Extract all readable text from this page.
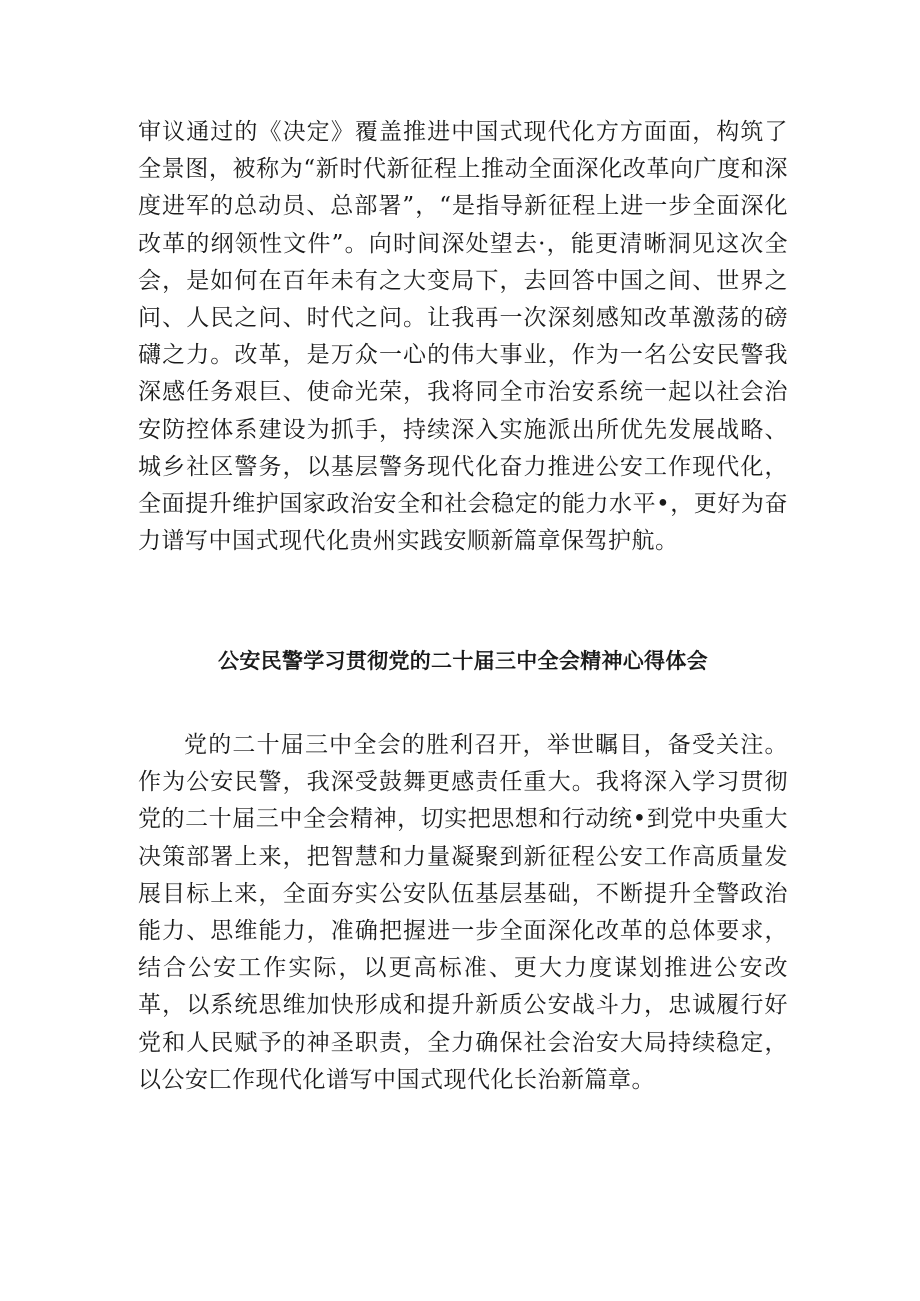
审议通过的《决定》覆盖推进中国式现代化方方面面，构筑了全景图，被称为“新时代新征程上推动全面深化改革向广度和深度进军的总动员、总部署”，“是指导新征程上进一步全面深化改革的纲领性文件”。向时间深处望去·，能更清晰洞见这次全会，是如何在百年未有之大变局下，去回答中国之间、世界之问、人民之问、时代之问。让我再一次深刻感知改革激荡的磅礴之力。改革，是万众一心的伟大事业，作为一名公安民警我深感任务艰巨、使命光荣，我将同全市治安系统一起以社会治安防控体系建设为抓手，持续深入实施派出所优先发展战略、城乡社区警务，以基层警务现代化奋力推进公安工作现代化，全面提升维护国家政治安全和社会稳定的能力水平•，更好为奋力谱写中国式现代化贵州实践安顺新篇章保驾护航。

公安民警学习贯彻党的二十届三中全会精神心得体会

党的二十届三中全会的胜利召开，举世瞩目，备受关注。作为公安民警，我深受鼓舞更感责任重大。我将深入学习贯彻党的二十届三中全会精神，切实把思想和行动统•到党中央重大决策部署上来，把智慧和力量凝聚到新征程公安工作高质量发展目标上来，全面夯实公安队伍基层基础，不断提升全警政治能力、思维能力，准确把握进一步全面深化改革的总体要求，结合公安工作实际，以更高标准、更大力度谋划推进公安改革，以系统思维加快形成和提升新质公安战斗力，忠诚履行好党和人民赋予的神圣职责，全力确保社会治安大局持续稳定，以公安匚作现代化谱写中国式现代化长治新篇章。
